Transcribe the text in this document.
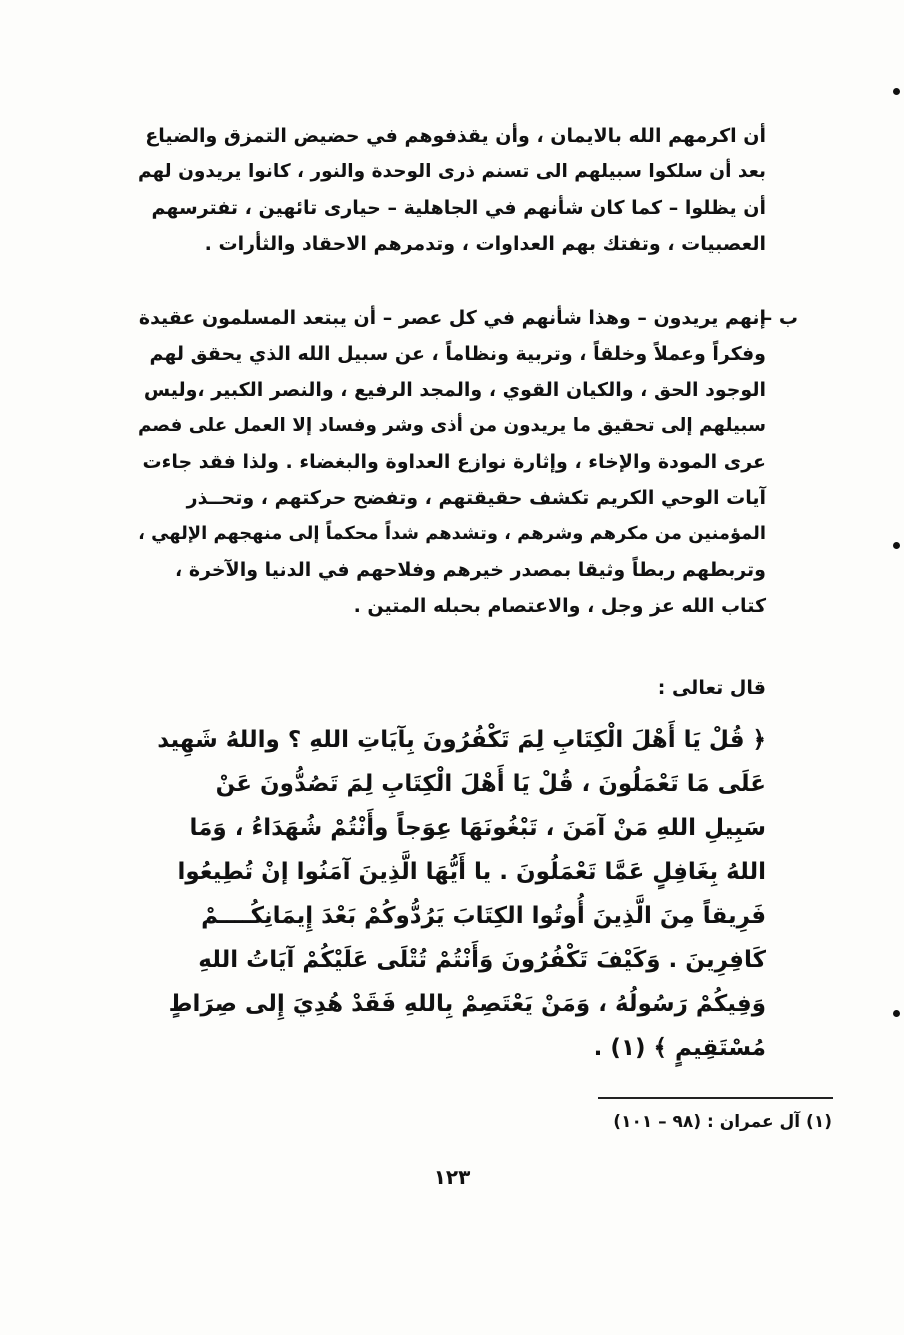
أن اكرمهم الله بالايمان ، وأن يقذفوهم في حضيض التمزق والضياع
بعد أن سلكوا سبيلهم الى تسنم ذرى الوحدة والنور ، كانوا يريدون لهم
أن يظلوا – كما كان شأنهم في الجاهلية – حيارى تائهين ، تفترسهم
العصبيات ، وتفتك بهم العداوات ، وتدمرهم الاحقاد والثأرات .
ب –
إنهم يريدون – وهذا شأنهم في كل عصر – أن يبتعد المسلمون عقيدة
وفكراً وعملاً وخلقاً ، وتربية ونظاماً ، عن سبيل الله الذي يحقق لهم
الوجود الحق ، والكيان القوي ، والمجد الرفيع ، والنصر الكبير ،وليس
سبيلهم إلى تحقيق ما يريدون من أذى وشر وفساد إلا العمل على فصم
عرى المودة والإخاء ، وإثارة نوازع العداوة والبغضاء . ولذا فقد جاءت
آيات الوحي الكريم تكشف حقيقتهم ، وتفضح حركتهم ، وتحــذر
المؤمنين من مكرهم وشرهم ، وتشدهم شداً محكماً إلى منهجهم الإلهي ،
وتربطهم ربطاً وثيقا بمصدر خيرهم وفلاحهم في الدنيا والآخرة ،
كتاب الله عز وجل ، والاعتصام بحبله المتين .
قال تعالى :
﴿ قُلْ يَا أَهْلَ الْكِتَابِ لِمَ تَكْفُرُونَ بِآيَاتِ اللهِ ؟ واللهُ شَهِيد
عَلَى مَا تَعْمَلُونَ ، قُلْ يَا أَهْلَ الْكِتَابِ لِمَ تَصُدُّونَ عَنْ
سَبِيلِ اللهِ مَنْ آمَنَ ، تَبْغُونَهَا عِوَجاً وأَنْتُمْ شُهَدَاءُ ، وَمَا
اللهُ بِغَافِلٍ عَمَّا تَعْمَلُونَ . يا أَيُّهَا الَّذِينَ آمَنُوا إنْ تُطِيعُوا
فَرِيقاً مِنَ الَّذِينَ أُوتُوا الكِتَابَ يَرُدُّوكُمْ بَعْدَ إِيمَانِكُــــمْ
كَافِرِينَ . وَكَيْفَ تَكْفُرُونَ وَأَنْتُمْ تُتْلَى عَلَيْكُمْ آيَاتُ اللهِ
وَفِيكُمْ رَسُولُهُ ، وَمَنْ يَعْتَصِمْ بِاللهِ فَقَدْ هُدِيَ إِلى صِرَاطٍ
مُسْتَقِيمٍ ﴾ (١) .
(١) آل عمران : (٩٨ – ١٠١)
١٢٣
